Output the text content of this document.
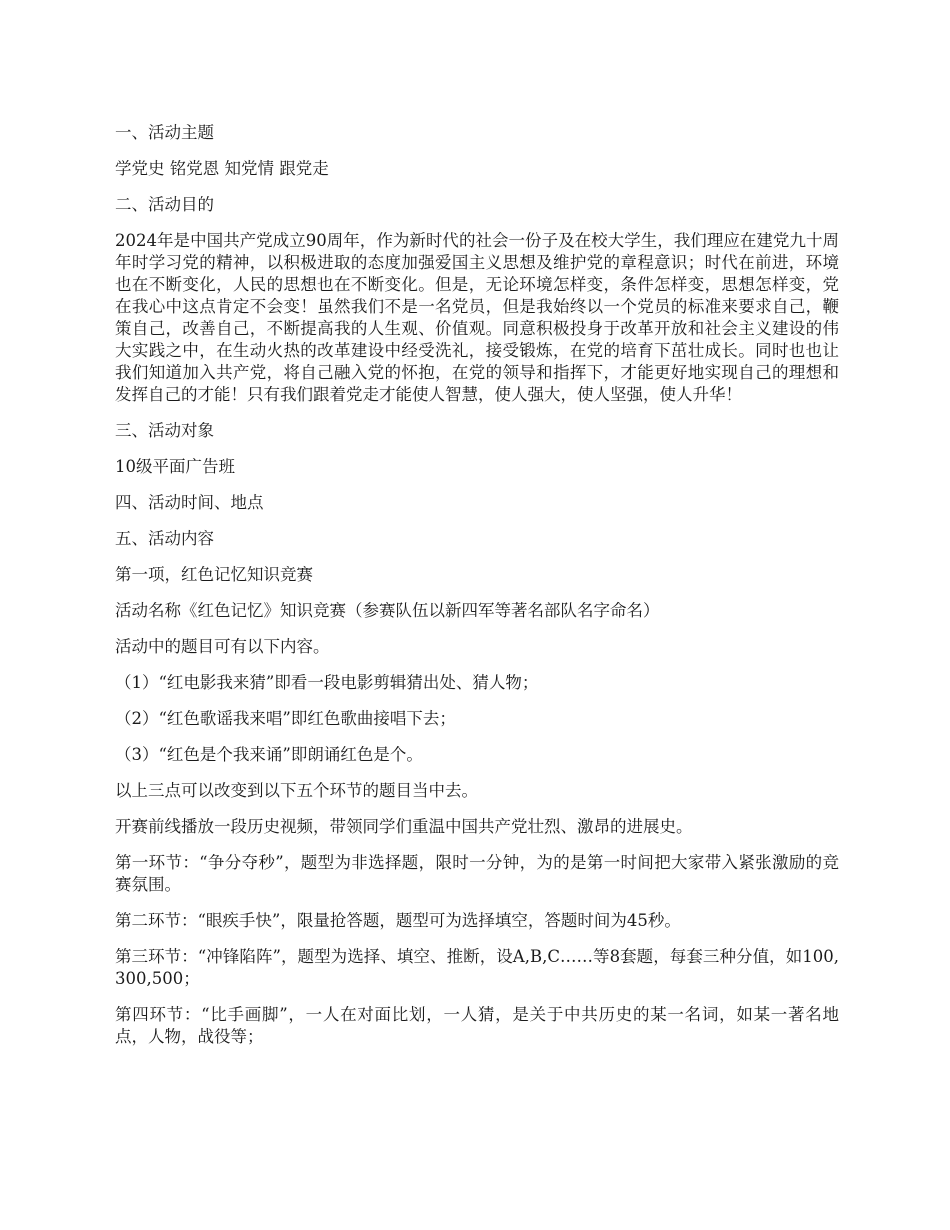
一、活动主题

学党史 铭党恩 知党情 跟党走

二、活动目的

2024年是中国共产党成立90周年，作为新时代的社会一份子及在校大学生，我们理应在建党九十周年时学习党的精神，以积极进取的态度加强爱国主义思想及维护党的章程意识；时代在前进，环境也在不断变化，人民的思想也在不断变化。但是，无论环境怎样变，条件怎样变，思想怎样变，党在我心中这点肯定不会变！虽然我们不是一名党员，但是我始终以一个党员的标准来要求自己，鞭策自己，改善自己，不断提高我的人生观、价值观。同意积极投身于改革开放和社会主义建设的伟大实践之中，在生动火热的改革建设中经受洗礼，接受锻炼，在党的培育下茁壮成长。同时也也让我们知道加入共产党，将自己融入党的怀抱，在党的领导和指挥下，才能更好地实现自己的理想和发挥自己的才能！只有我们跟着党走才能使人智慧，使人强大，使人坚强，使人升华！

三、活动对象

10级平面广告班

四、活动时间、地点

五、活动内容

第一项，红色记忆知识竞赛

活动名称《红色记忆》知识竞赛（参赛队伍以新四军等著名部队名字命名）

活动中的题目可有以下内容。

（1）“红电影我来猜”即看一段电影剪辑猜出处、猜人物；

（2）“红色歌谣我来唱”即红色歌曲接唱下去；

（3）“红色是个我来诵”即朗诵红色是个。

以上三点可以改变到以下五个环节的题目当中去。

开赛前线播放一段历史视频，带领同学们重温中国共产党壮烈、激昂的进展史。

第一环节：“争分夺秒”，题型为非选择题，限时一分钟，为的是第一时间把大家带入紧张激励的竞赛氛围。

第二环节：“眼疾手快”，限量抢答题，题型可为选择填空，答题时间为45秒。

第三环节：“冲锋陷阵”，题型为选择、填空、推断，设A,B,C……等8套题，每套三种分值，如100,300,500；

第四环节：“比手画脚”，一人在对面比划，一人猜，是关于中共历史的某一名词，如某一著名地点，人物，战役等；
